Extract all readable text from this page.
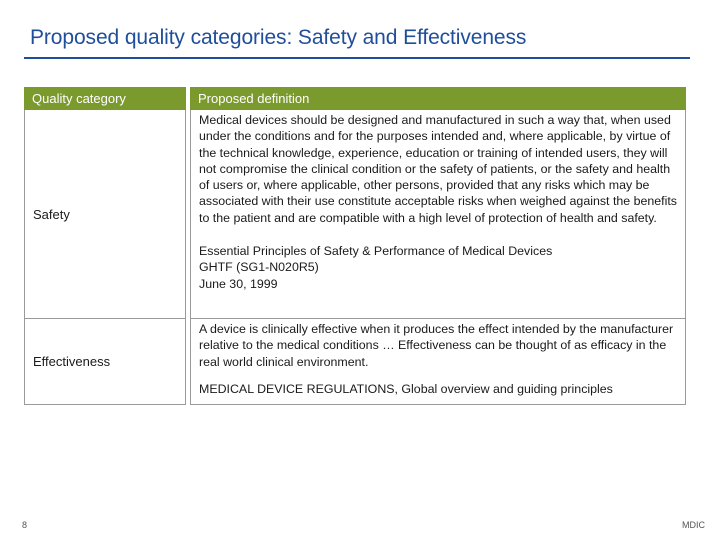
Proposed quality categories: Safety and Effectiveness
Quality category	Proposed definition
Safety

Medical devices should be designed and manufactured in such a way that, when used under the conditions and for the purposes intended and, where applicable, by virtue of the technical knowledge, experience, education or training of intended users, they will not compromise the clinical condition or the safety of patients, or the safety and health of users or, where applicable, other persons, provided that any risks which may be associated with their use constitute acceptable risks when weighed against the benefits to the patient and are compatible with a high level of protection of health and safety.

Essential Principles of Safety & Performance of Medical Devices
GHTF (SG1-N020R5)
June 30, 1999

Effectiveness

A device is clinically effective when it produces the effect intended by the manufacturer relative to the medical conditions … Effectiveness can be thought of as efficacy in the real world clinical environment.

MEDICAL DEVICE REGULATIONS, Global overview and guiding principles

8	MDIC
